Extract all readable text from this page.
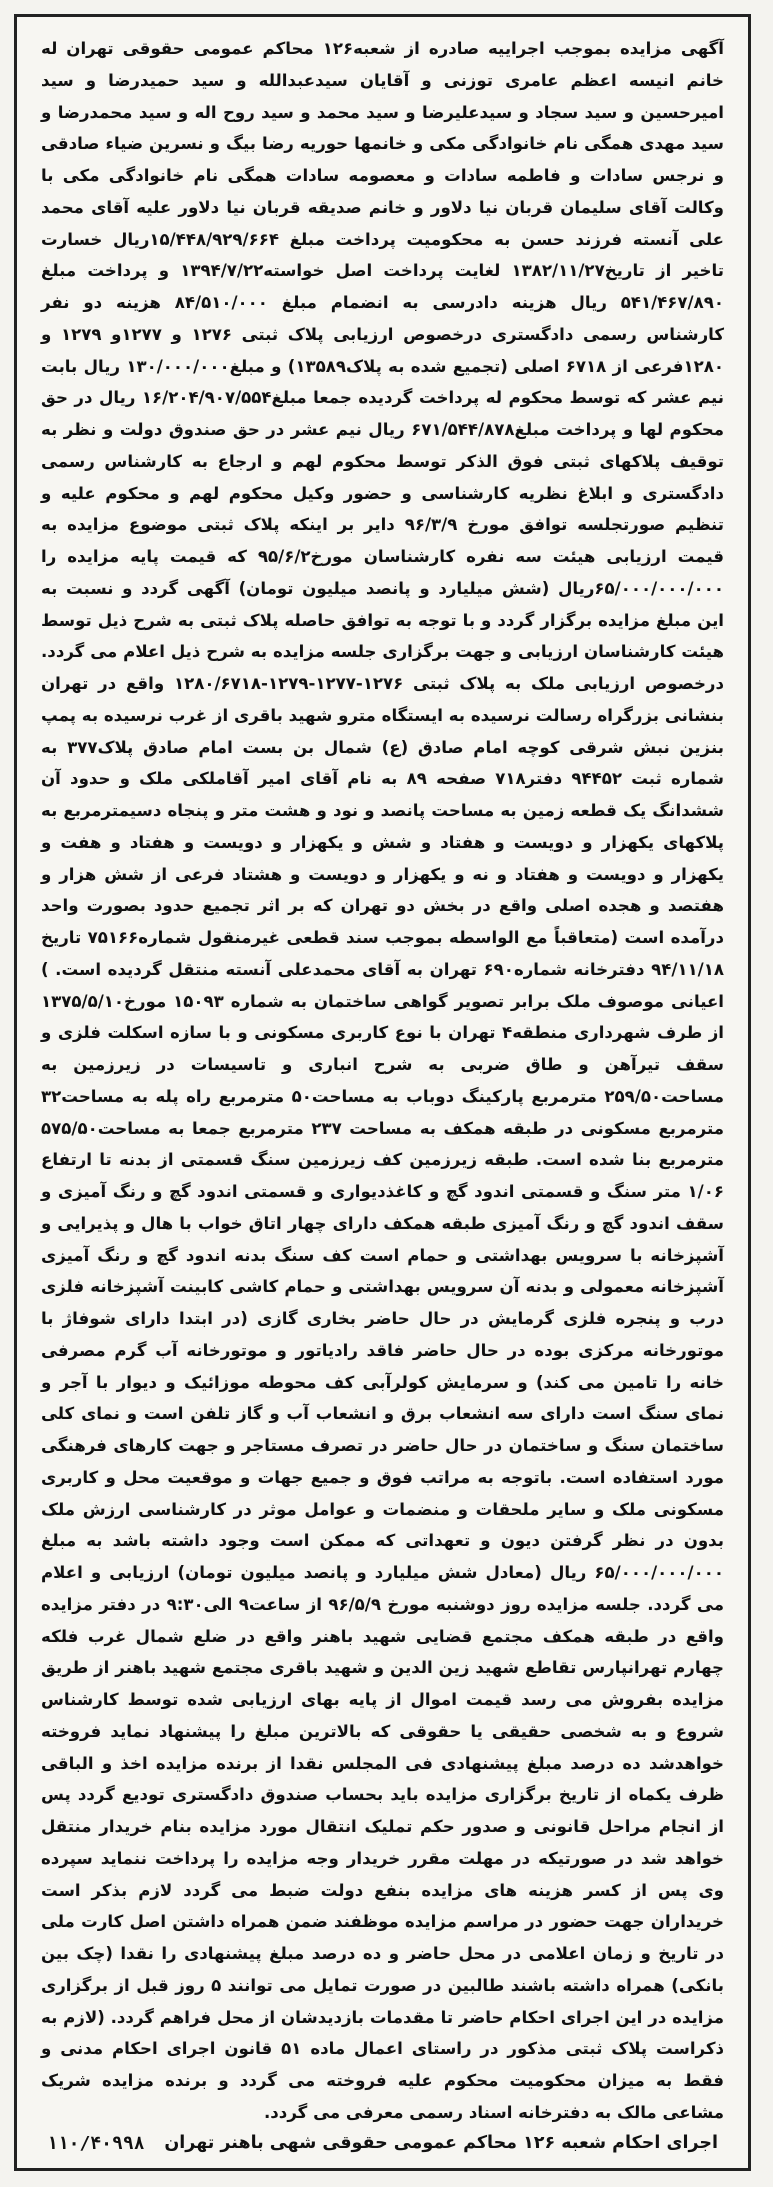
آگهی مزایده بموجب اجراییه صادره از شعبه۱۲۶ محاکم عمومی حقوقی تهران له خانم انیسه اعظم عامری توزنی و آقایان سیدعبدالله و سید حمیدرضا و سید امیرحسین و سید سجاد و سیدعلیرضا و سید محمد و سید روح اله و سید محمدرضا و سید مهدی همگی نام خانوادگی مکی و خانمها حوریه رضا بیگ و نسرین ضیاء صادقی و نرجس سادات و فاطمه سادات و معصومه سادات همگی نام خانوادگی مکی با وکالت آقای سلیمان قربان نیا دلاور و خانم صدیقه قربان نیا دلاور علیه آقای محمد علی آنسته فرزند حسن به محکومیت پرداخت مبلغ ۱۵/۴۴۸/۹۲۹/۶۶۴ریال خسارت تاخیر از تاریخ۱۳۸۲/۱۱/۲۷ لغایت پرداخت اصل خواسته۱۳۹۴/۷/۲۲ و پرداخت مبلغ ۵۴۱/۴۶۷/۸۹۰ ریال هزینه دادرسی به انضمام مبلغ ۸۴/۵۱۰/۰۰۰ هزینه دو نفر کارشناس رسمی دادگستری درخصوص ارزیابی پلاک ثبتی ۱۲۷۶ و ۱۲۷۷و ۱۲۷۹ و ۱۲۸۰فرعی از ۶۷۱۸ اصلی (تجمیع شده به پلاک۱۳۵۸۹) و مبلغ۱۳۰/۰۰۰/۰۰۰ ریال بابت نیم عشر که توسط محکوم له پرداخت گردیده جمعا مبلغ۱۶/۲۰۴/۹۰۷/۵۵۴ ریال در حق محکوم لها و پرداخت مبلغ۶۷۱/۵۴۴/۸۷۸ ریال نیم عشر در حق صندوق دولت و نظر به توقیف پلاکهای ثبتی فوق الذکر توسط محکوم لهم و ارجاع به کارشناس رسمی دادگستری و ابلاغ نظریه کارشناسی و حضور وکیل محکوم لهم و محکوم علیه و تنظیم صورتجلسه توافق مورخ ۹۶/۳/۹ دایر بر اینکه پلاک ثبتی موضوع مزایده به قیمت ارزیابی هیئت سه نفره کارشناسان مورخ۹۵/۶/۲ که قیمت پایه مزایده را ۶۵/۰۰۰/۰۰۰/۰۰۰ریال (شش میلیارد و پانصد میلیون تومان) آگهی گردد و نسبت به این مبلغ مزایده برگزار گردد و با توجه به توافق حاصله پلاک ثبتی به شرح ذیل توسط هیئت کارشناسان ارزیابی و جهت برگزاری جلسه مزایده به شرح ذیل اعلام می گردد. درخصوص ارزیابی ملک به پلاک ثبتی ۱۲۷۶-۱۲۷۷-۱۲۷۹-۱۲۸۰/۶۷۱۸ واقع در تهران بنشانی بزرگراه رسالت نرسیده به ایستگاه مترو شهید باقری از غرب نرسیده به پمپ بنزین نبش شرقی کوچه امام صادق (ع) شمال بن بست امام صادق پلاک۳۷۷ به شماره ثبت ۹۴۴۵۲ دفتر۷۱۸ صفحه ۸۹ به نام آقای امیر آقاملکی ملک و حدود آن ششدانگ یک قطعه زمین به مساحت پانصد و نود و هشت متر و پنجاه دسیمترمربع به پلاکهای یکهزار و دویست و هفتاد و شش و یکهزار و دویست و هفتاد و هفت و یکهزار و دویست و هفتاد و نه و یکهزار و دویست و هشتاد فرعی از شش هزار و هفتصد و هجده اصلی واقع در بخش دو تهران که بر اثر تجمیع حدود بصورت واحد درآمده است (متعاقباً مع الواسطه بموجب سند قطعی غیرمنقول شماره۷۵۱۶۶ تاریخ ۹۴/۱۱/۱۸ دفترخانه شماره۶۹۰ تهران به آقای محمدعلی آنسته منتقل گردیده است. ) اعیانی موصوف ملک برابر تصویر گواهی ساختمان به شماره ۱۵۰۹۳ مورخ۱۳۷۵/۵/۱۰ از طرف شهرداری منطقه۴ تهران با نوع کاربری مسکونی و با سازه اسکلت فلزی و سقف تیرآهن و طاق ضربی به شرح انباری و تاسیسات در زیرزمین به مساحت۲۵۹/۵۰ مترمربع پارکینگ دوباب به مساحت۵۰ مترمربع راه پله به مساحت۳۲ مترمربع مسکونی در طبقه همکف به مساحت ۲۳۷ مترمربع جمعا به مساحت۵۷۵/۵۰ مترمربع بنا شده است. طبقه زیرزمین کف زیرزمین سنگ قسمتی از بدنه تا ارتفاع ۱/۰۶ متر سنگ و قسمتی اندود گچ و کاغذدیواری و قسمتی اندود گچ و رنگ آمیزی و سقف اندود گچ و رنگ آمیزی طبقه همکف دارای چهار اتاق خواب با هال و پذیرایی و آشپزخانه با سرویس بهداشتی و حمام است کف سنگ بدنه اندود گچ و رنگ آمیزی آشپزخانه معمولی و بدنه آن سرویس بهداشتی و حمام کاشی کابینت آشپزخانه فلزی درب و پنجره فلزی گرمایش در حال حاضر بخاری گازی (در ابتدا دارای شوفاژ با موتورخانه مرکزی بوده در حال حاضر فاقد رادیاتور و موتورخانه آب گرم مصرفی خانه را تامین می کند) و سرمایش کولرآبی کف محوطه موزائیک و دیوار با آجر و نمای سنگ است دارای سه انشعاب برق و انشعاب آب و گاز تلفن است و نمای کلی ساختمان سنگ و ساختمان در حال حاضر در تصرف مستاجر و جهت کارهای فرهنگی مورد استفاده است. باتوجه به مراتب فوق و جمیع جهات و موقعیت محل و کاربری مسکونی ملک و سایر ملحقات و منضمات و عوامل موثر در کارشناسی ارزش ملک بدون در نظر گرفتن دیون و تعهداتی که ممکن است وجود داشته باشد به مبلغ ۶۵/۰۰۰/۰۰۰/۰۰۰ ریال (معادل شش میلیارد و پانصد میلیون تومان) ارزیابی و اعلام می گردد. جلسه مزایده روز دوشنبه مورخ ۹۶/۵/۹ از ساعت۹ الی۹:۳۰ در دفتر مزایده واقع در طبقه همکف مجتمع قضایی شهید باهنر واقع در ضلع شمال غرب فلکه چهارم تهرانپارس تقاطع شهید زین الدین و شهید باقری مجتمع شهید باهنر از طریق مزایده بفروش می رسد قیمت اموال از پایه بهای ارزیابی شده توسط کارشناس شروع و به شخصی حقیقی یا حقوقی که بالاترین مبلغ را پیشنهاد نماید فروخته خواهدشد ده درصد مبلغ پیشنهادی فی المجلس نقدا از برنده مزایده اخذ و الباقی ظرف یکماه از تاریخ برگزاری مزایده باید بحساب صندوق دادگستری تودیع گردد پس از انجام مراحل قانونی و صدور حکم تملیک انتقال مورد مزایده بنام خریدار منتقل خواهد شد در صورتیکه در مهلت مقرر خریدار وجه مزایده را پرداخت ننماید سپرده وی پس از کسر هزینه های مزایده بنفع دولت ضبط می گردد لازم بذکر است خریداران جهت حضور در مراسم مزایده موظفند ضمن همراه داشتن اصل کارت ملی در تاریخ و زمان اعلامی در محل حاضر و ده درصد مبلغ پیشنهادی را نقدا (چک بین بانکی) همراه داشته باشند طالبین در صورت تمایل می توانند ۵ روز قبل از برگزاری مزایده در این اجرای احکام حاضر تا مقدمات بازدیدشان از محل فراهم گردد. (لازم به ذکراست پلاک ثبتی مذکور در راستای اعمال ماده ۵۱ قانون اجرای احکام مدنی و فقط به میزان محکومیت محکوم علیه فروخته می گردد و برنده مزایده شریک مشاعی مالک به دفترخانه اسناد رسمی معرفی می گردد.
اجرای احکام شعبه ۱۲۶ محاکم عمومی حقوقی شهی باهنر تهران
۱۱۰/۴۰۹۹۸
